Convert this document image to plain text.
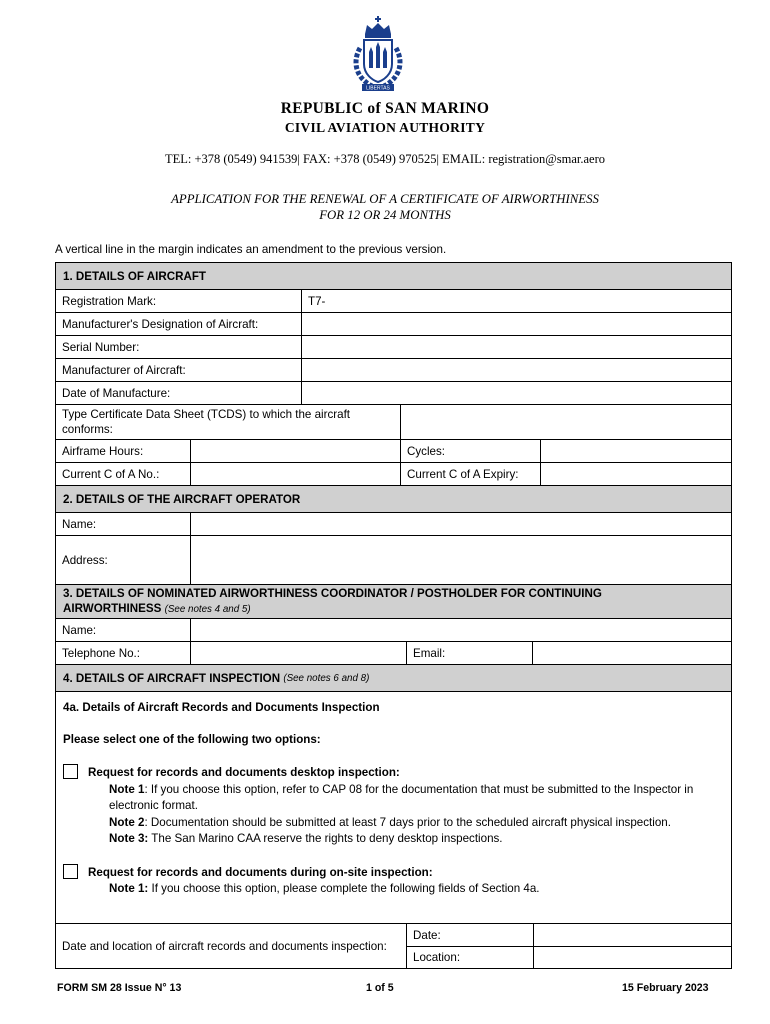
LIBERTAS
REPUBLIC of SAN MARINO
CIVIL AVIATION AUTHORITY
TEL: +378 (0549) 941539| FAX: +378 (0549) 970525| EMAIL: registration@smar.aero
APPLICATION FOR THE RENEWAL OF A CERTIFICATE OF AIRWORTHINESS
FOR 12 OR 24 MONTHS
A vertical line in the margin indicates an amendment to the previous version.
1. DETAILS OF AIRCRAFT
Registration Mark:	T7-
Manufacturer's Designation of Aircraft:
Serial Number:
Manufacturer of Aircraft:
Date of Manufacture:
Type Certificate Data Sheet (TCDS) to which the aircraft conforms:
Airframe Hours:	Cycles:
Current C of A No.:	Current C of A Expiry:
2. DETAILS OF THE AIRCRAFT OPERATOR
Name:
Address:
3. DETAILS OF NOMINATED AIRWORTHINESS COORDINATOR / POSTHOLDER FOR CONTINUING
AIRWORTHINESS (See notes 4 and 5)
Name:
Telephone No.:	Email:
4. DETAILS OF AIRCRAFT INSPECTION
(See notes 6 and 8)
4a. Details of Aircraft Records and Documents Inspection
Please select one of the following two options:
Request for records and documents desktop inspection:
Note 1: If you choose this option, refer to CAP 08 for the documentation that must be submitted to the Inspector in electronic format.
Note 2: Documentation should be submitted at least 7 days prior to the scheduled aircraft physical inspection.
Note 3: The San Marino CAA reserve the rights to deny desktop inspections.
Request for records and documents during on-site inspection:
Note 1: If you choose this option, please complete the following fields of Section 4a.
Date and location of aircraft records and documents inspection:
Date:
Location:
FORM SM 28 Issue N° 13	1 of 5	15 February 2023
